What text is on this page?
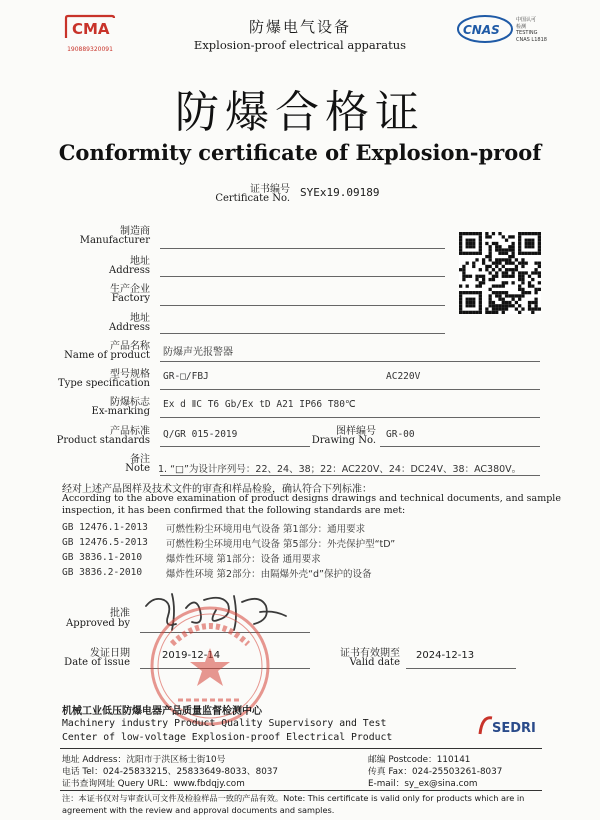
CMA
190889320091
防爆电气设备
Explosion-proof electrical apparatus
CNAS
中国认可
检测
TESTING
CNAS L1818
防爆合格证
Conformity certificate of Explosion-proof
证书编号
Certificate No. SYEx19.09189
制造商
Manufacturer
地址
Address
生产企业
Factory
地址
Address
产品名称
Name of product 防爆声光报警器
型号规格
Type specification
GR-□/FBJ	AC220V
防爆标志
Ex-marking
Ex d ⅡC T6 Gb/Ex tD A21 IP66 T80℃
产品标准
Product standards
Q/GR 015-2019	图样编号
Drawing No.
GR-00
备注
Note 1. “□”为设计序列号：22、24、38；22：AC220V、24：DC24V、38：AC380V。
经对上述产品图样及技术文件的审查和样品检验，确认符合下列标准：
According to the above examination of product designs drawings and technical documents, and sample
inspection, it has been confirmed that the following standards are met:
GB 12476.1-2013 可燃性粉尘环境用电气设备 第1部分：通用要求
GB 12476.5-2013 可燃性粉尘环境用电气设备 第5部分：外壳保护型“tD”
GB 3836.1-2010	爆炸性环境 第1部分：设备 通用要求
GB 3836.2-2010	爆炸性环境 第2部分：由隔爆外壳“d”保护的设备
批准
Approved by
发证日期
Date of issue
2019-12-14	证书有效期至
Valid date
2024-12-13
机械工业低压防爆电器产品质量监督检测中心
Machinery industry Product Quality Supervisory and Test
Center of low-voltage Explosion-proof Electrical Product
SEDRI
地址 Address：沈阳市于洪区杨士街10号
电话 Tel：024-25833215、25833649-8033、8037
证书查询网址 Query URL：www.fbdqjy.com
邮编 Postcode：110141
传真 Fax：024-25503261-8037
E-mail：sy_ex@sina.com
注：本证书仅对与审查认可文件及检验样品一致的产品有效。Note: This certificate is valid only for products which are in
agreement with the review and approval documents and samples.
